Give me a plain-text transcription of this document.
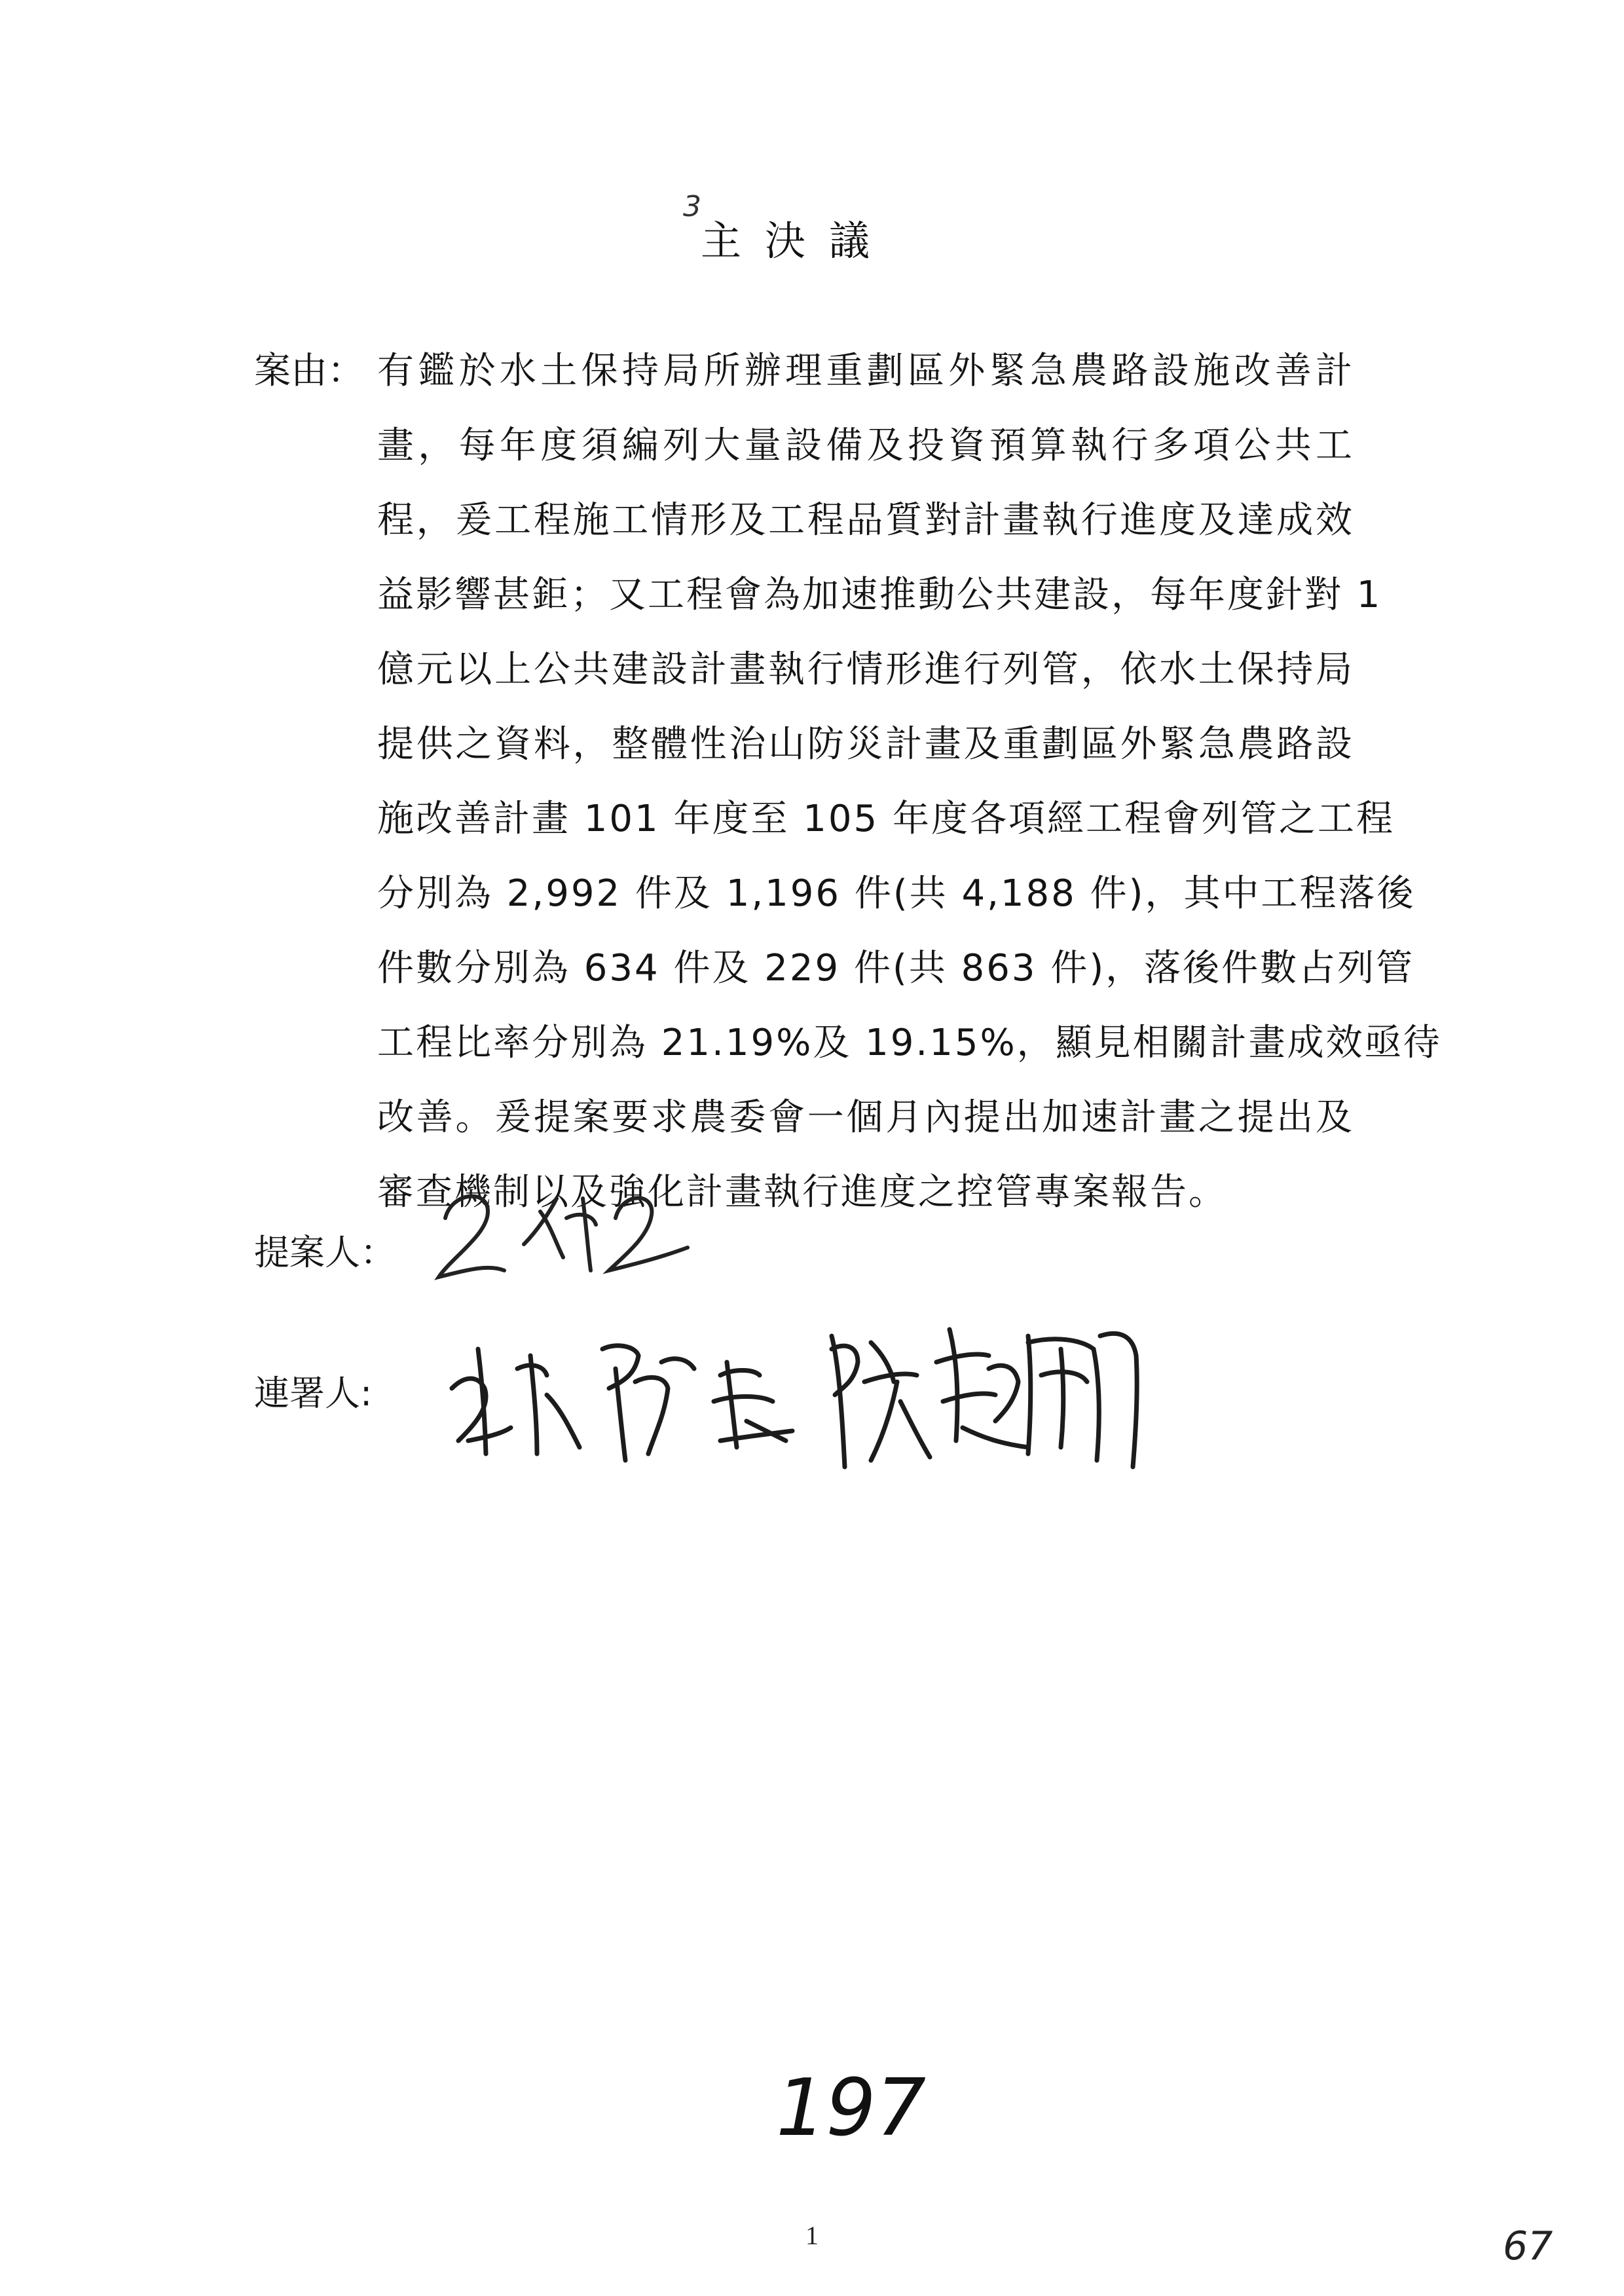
3
主決議
案由： 有鑑於水土保持局所辦理重劃區外緊急農路設施改善計
畫，每年度須編列大量設備及投資預算執行多項公共工
程，爰工程施工情形及工程品質對計畫執行進度及達成效
益影響甚鉅；又工程會為加速推動公共建設，每年度針對 1
億元以上公共建設計畫執行情形進行列管，依水土保持局
提供之資料，整體性治山防災計畫及重劃區外緊急農路設
施改善計畫 101 年度至 105 年度各項經工程會列管之工程
分別為 2,992 件及 1,196 件(共 4,188 件)，其中工程落後
件數分別為 634 件及 229 件(共 863 件)，落後件數占列管
工程比率分別為 21.19%及 19.15%，顯見相關計畫成效亟待
改善。爰提案要求農委會一個月內提出加速計畫之提出及
審查機制以及強化計畫執行進度之控管專案報告。
提案人：
連署人:
197
1	67
